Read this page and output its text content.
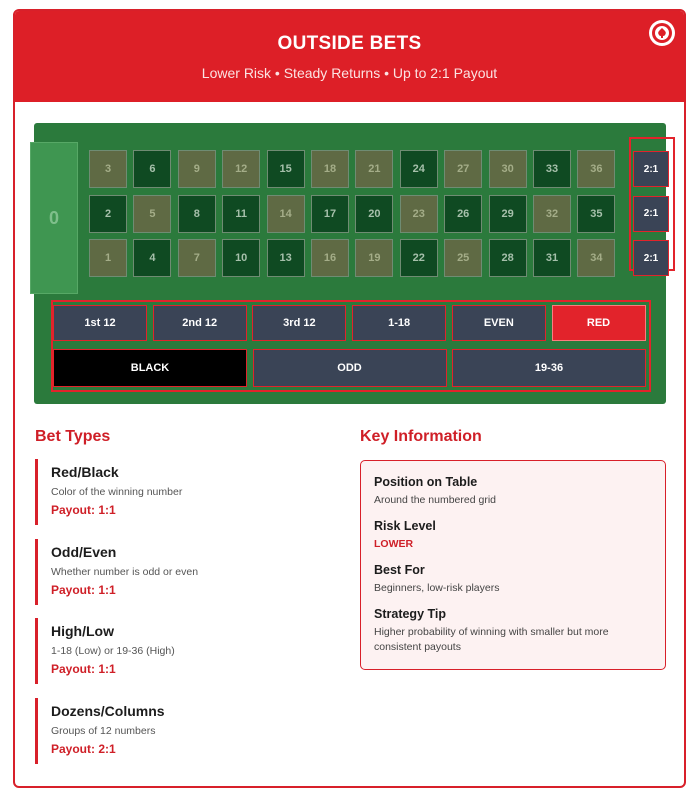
OUTSIDE BETS
Lower Risk • Steady Returns • Up to 2:1 Payout
0
3	6	9	12	15	18	21	24	27	30	33	36
2	5	8	11	14	17	20	23	26	29	32	35
1	4	7	10	13	16	19	22	25	28	31	34
2:1
2:1
2:1
1st 12	2nd 12	3rd 12	1-18	EVEN	RED
BLACK	ODD	19-36
Bet Types
Red/Black
Color of the winning number
Payout: 1:1
Odd/Even
Whether number is odd or even
Payout: 1:1
High/Low
1-18 (Low) or 19-36 (High)
Payout: 1:1
Dozens/Columns
Groups of 12 numbers
Payout: 2:1
Key Information
Position on Table
Around the numbered grid
Risk Level
LOWER
Best For
Beginners, low-risk players
Strategy Tip
Higher probability of winning with smaller but more consistent payouts
